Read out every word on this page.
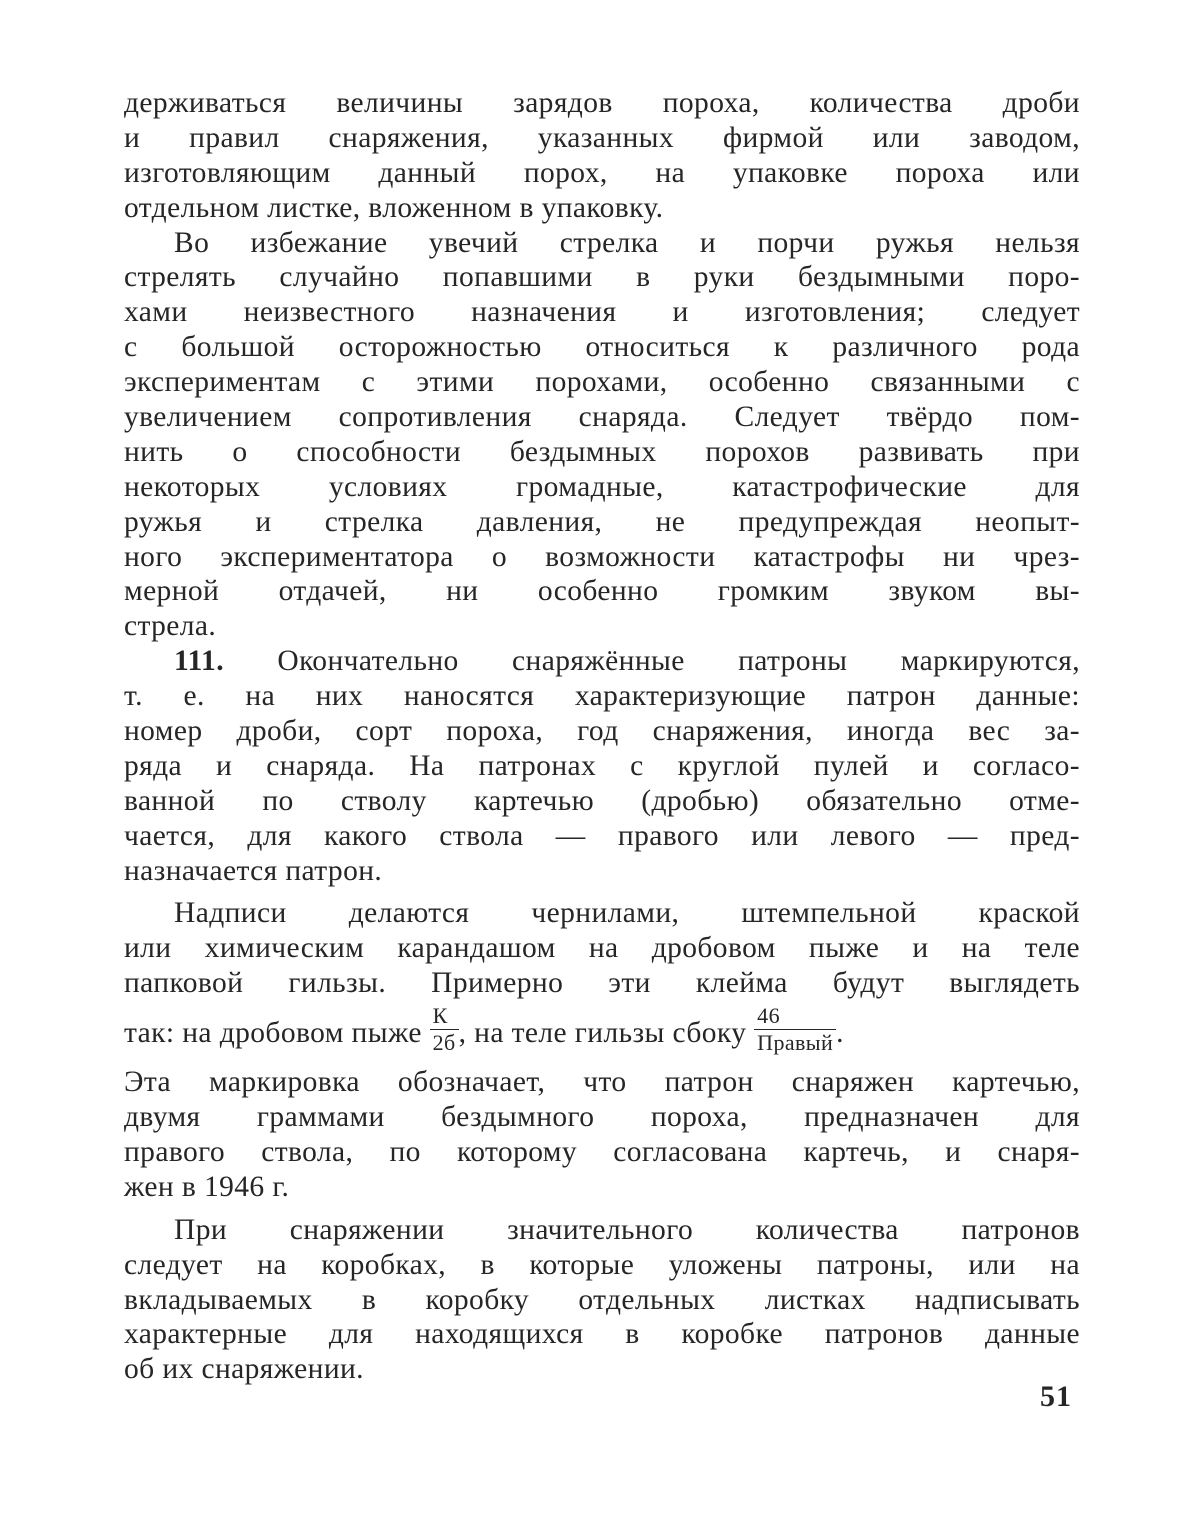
держиваться величины зарядов пороха, количества дроби
и правил снаряжения, указанных фирмой или заводом,
изготовляющим данный порох, на упаковке пороха или
отдельном листке, вложенном в упаковку.
Во избежание увечий стрелка и порчи ружья нельзя
стрелять случайно попавшими в руки бездымными поро-
хами неизвестного назначения и изготовления; следует
с большой осторожностью относиться к различного рода
экспериментам с этими порохами, особенно связанными с
увеличением сопротивления снаряда. Следует твёрдо пом-
нить о способности бездымных порохов развивать при
некоторых условиях громадные, катастрофические для
ружья и стрелка давления, не предупреждая неопыт-
ного экспериментатора о возможности катастрофы ни чрез-
мерной отдачей, ни особенно громким звуком вы-
стрела.
111. Окончательно снаряжённые патроны маркируются,
т. е. на них наносятся характеризующие патрон данные:
номер дроби, сорт пороха, год снаряжения, иногда вес за-
ряда и снаряда. На патронах с круглой пулей и согласо-
ванной по стволу картечью (дробью) обязательно отме-
чается, для какого ствола — правого или левого — пред-
назначается патрон.
Надписи делаются чернилами, штемпельной краской
или химическим карандашом на дробовом пыже и на теле
папковой гильзы. Примерно эти клейма будут выглядеть
так: на дробовом пыже $\frac{К}{2б}$ , на теле гильзы сбоку $\frac{46}{\text{Правый}}$ .
Эта маркировка обозначает, что патрон снаряжен картечью,
двумя граммами бездымного пороха, предназначен для
правого ствола, по которому согласована картечь, и снаря-
жен в 1946 г.
При снаряжении значительного количества патронов
следует на коробках, в которые уложены патроны, или на
вкладываемых в коробку отдельных листках надписывать
характерные для находящихся в коробке патронов данные
об их снаряжении.
51
